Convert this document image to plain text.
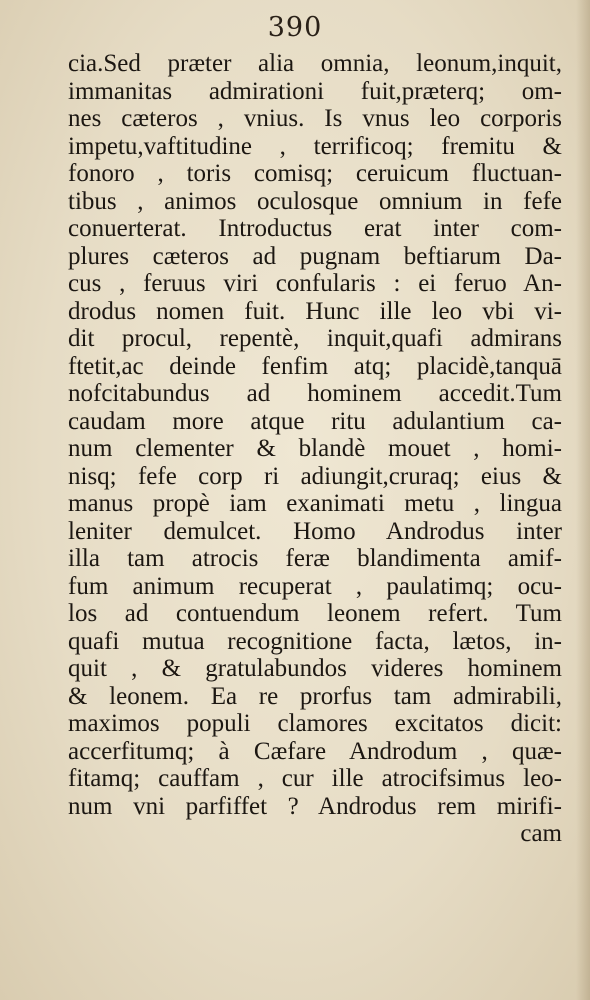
390
cia.Sed præter alia omnia, leonum,inquit,
immanitas admirationi fuit,præterq; om-
nes cæteros , vnius. Is vnus leo corporis
impetu,vaftitudine , terrificoq; fremitu &
fonoro , toris comisq; ceruicum fluctuan-
tibus , animos oculosque omnium in fefe
conuerterat. Introductus erat inter com-
plures cæteros ad pugnam beftiarum Da-
cus , feruus viri confularis : ei feruo An-
drodus nomen fuit. Hunc ille leo vbi vi-
dit procul, repentè, inquit,quafi admirans
ftetit,ac deinde fenfim atq; placidè,tanquā
nofcitabundus ad hominem accedit.Tum
caudam more atque ritu adulantium ca-
num clementer & blandè mouet , homi-
nisq; fefe corp ri adiungit,cruraq; eius &
manus propè iam exanimati metu , lingua
leniter demulcet. Homo Androdus inter
illa tam atrocis feræ blandimenta amif-
fum animum recuperat , paulatimq; ocu-
los ad contuendum leonem refert. Tum
quafi mutua recognitione facta, lætos, in-
quit , & gratulabundos videres hominem
& leonem. Ea re prorfus tam admirabili,
maximos populi clamores excitatos dicit:
accerfitumq; à Cæfare Androdum , quæ-
fitamq; cauffam , cur ille atrocifsimus leo-
num vni parfiffet ? Androdus rem mirifi-
cam
